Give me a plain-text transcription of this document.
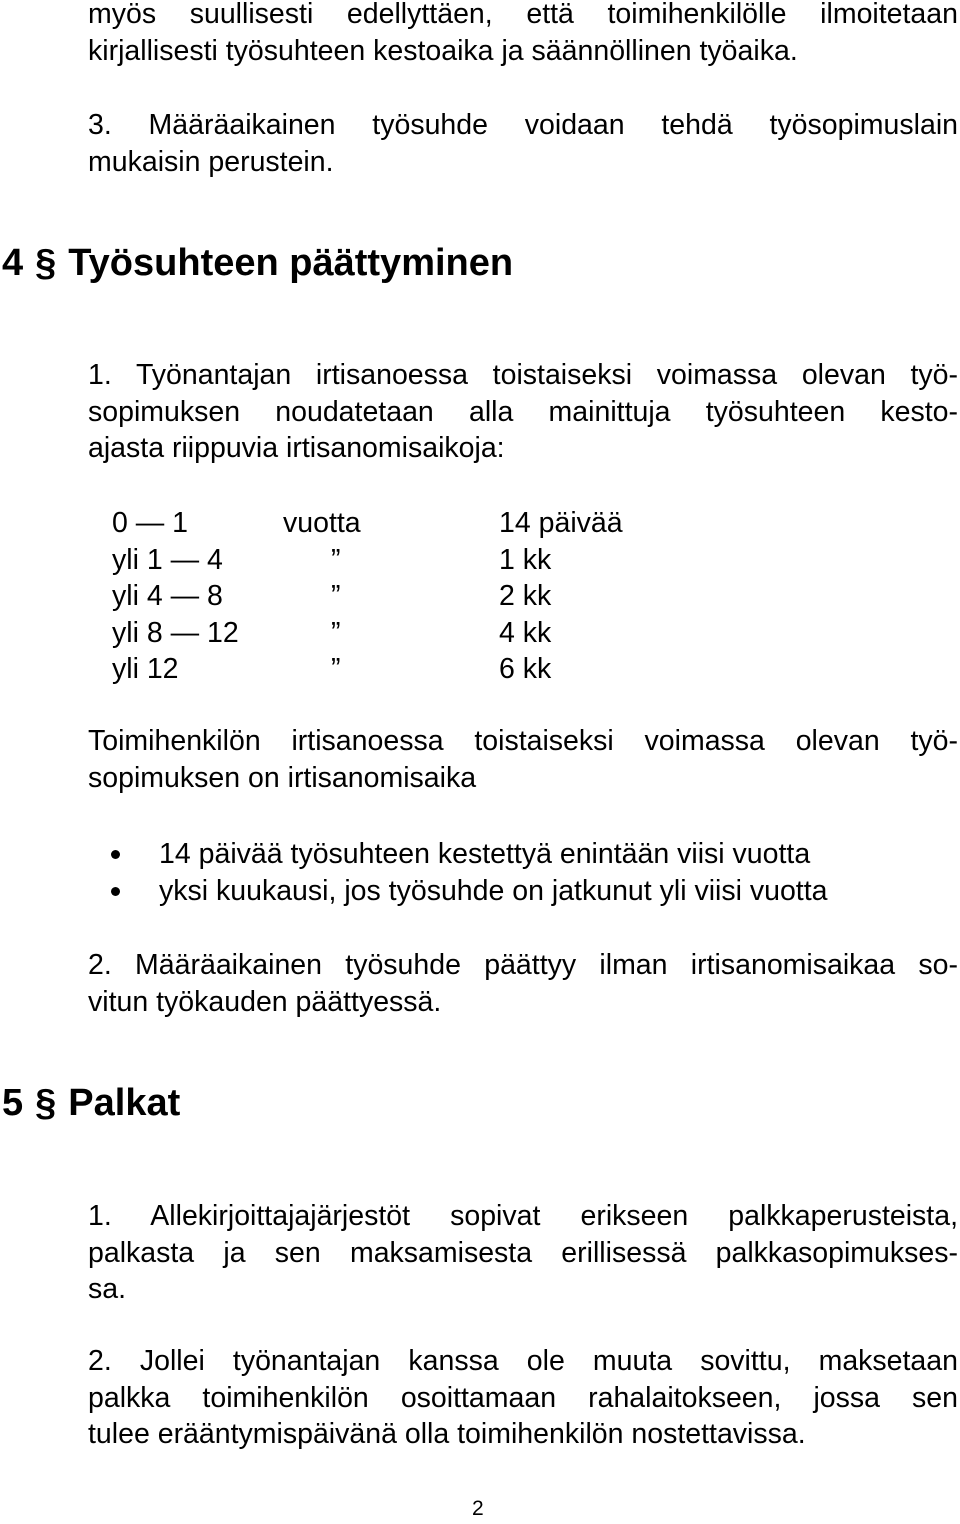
myös suullisesti edellyttäen, että toimihenkilölle ilmoitetaan
kirjallisesti työsuhteen kestoaika ja säännöllinen työaika.
3. Määräaikainen työsuhde voidaan tehdä työsopimuslain
mukaisin perustein.
4 § Työsuhteen päättyminen
1. Työnantajan irtisanoessa toistaiseksi voimassa olevan työ-
sopimuksen noudatetaan alla mainittuja työsuhteen kesto-
ajasta riippuvia irtisanomisaikoja:
0 — 1	vuotta	14 päivää
yli 1 — 4	”	1 kk
yli 4 — 8	”	2 kk
yli 8 — 12	”	4 kk
yli 12	”	6 kk
Toimihenkilön irtisanoessa toistaiseksi voimassa olevan työ-
sopimuksen on irtisanomisaika
14 päivää työsuhteen kestettyä enintään viisi vuotta
yksi kuukausi, jos työsuhde on jatkunut yli viisi vuotta
2. Määräaikainen työsuhde päättyy ilman irtisanomisaikaa so-
vitun työkauden päättyessä.
5 § Palkat
1. Allekirjoittajajärjestöt sopivat erikseen palkkaperusteista,
palkasta ja sen maksamisesta erillisessä palkkasopimukses-
sa.
2. Jollei työnantajan kanssa ole muuta sovittu, maksetaan
palkka toimihenkilön osoittamaan rahalaitokseen, jossa sen
tulee erääntymispäivänä olla toimihenkilön nostettavissa.
2
